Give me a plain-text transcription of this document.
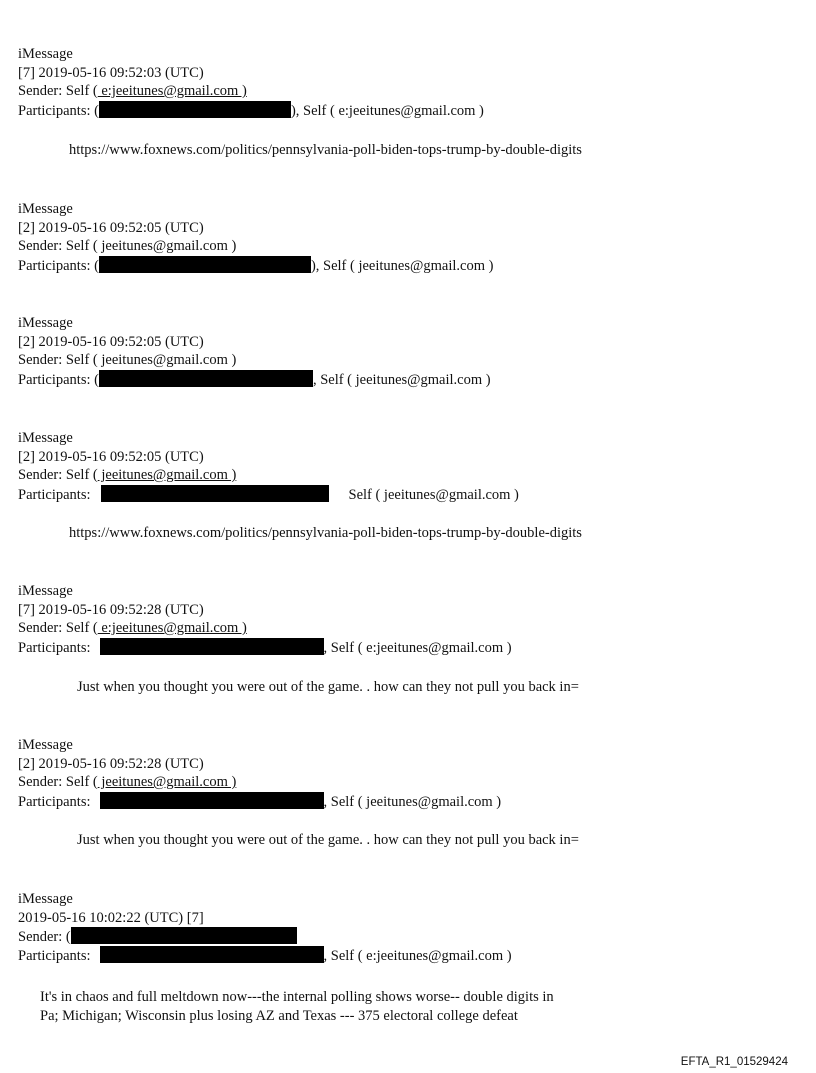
iMessage
[7] 2019-05-16 09:52:03 (UTC)
Sender: Self ( e:jeeitunes@gmail.com )
Participants: (	), Self ( e:jeeitunes@gmail.com )
https://www.foxnews.com/politics/pennsylvania-poll-biden-tops-trump-by-double-digits
iMessage
[2] 2019-05-16 09:52:05 (UTC)
Sender: Self ( jeeitunes@gmail.com )
Participants: (	), Self ( jeeitunes@gmail.com )
iMessage
[2] 2019-05-16 09:52:05 (UTC)
Sender: Self ( jeeitunes@gmail.com )
Participants: (	, Self ( jeeitunes@gmail.com )
iMessage
[2] 2019-05-16 09:52:05 (UTC)
Sender: Self ( jeeitunes@gmail.com )
Participants:	Self ( jeeitunes@gmail.com )
https://www.foxnews.com/politics/pennsylvania-poll-biden-tops-trump-by-double-digits
iMessage
[7] 2019-05-16 09:52:28 (UTC)
Sender: Self ( e:jeeitunes@gmail.com )
Participants:	, Self ( e:jeeitunes@gmail.com )
Just when you thought you were out of the game. . how can they not pull you back in=
iMessage
[2] 2019-05-16 09:52:28 (UTC)
Sender: Self ( jeeitunes@gmail.com )
Participants:	, Self ( jeeitunes@gmail.com )
Just when you thought you were out of the game. . how can they not pull you back in=
iMessage
2019-05-16 10:02:22 (UTC) [7]
Sender: (
Participants:	, Self ( e:jeeitunes@gmail.com )
It's in chaos and full meltdown now---the internal polling shows worse-- double digits in
Pa; Michigan; Wisconsin plus losing AZ and Texas --- 375 electoral college defeat
EFTA_R1_01529424
